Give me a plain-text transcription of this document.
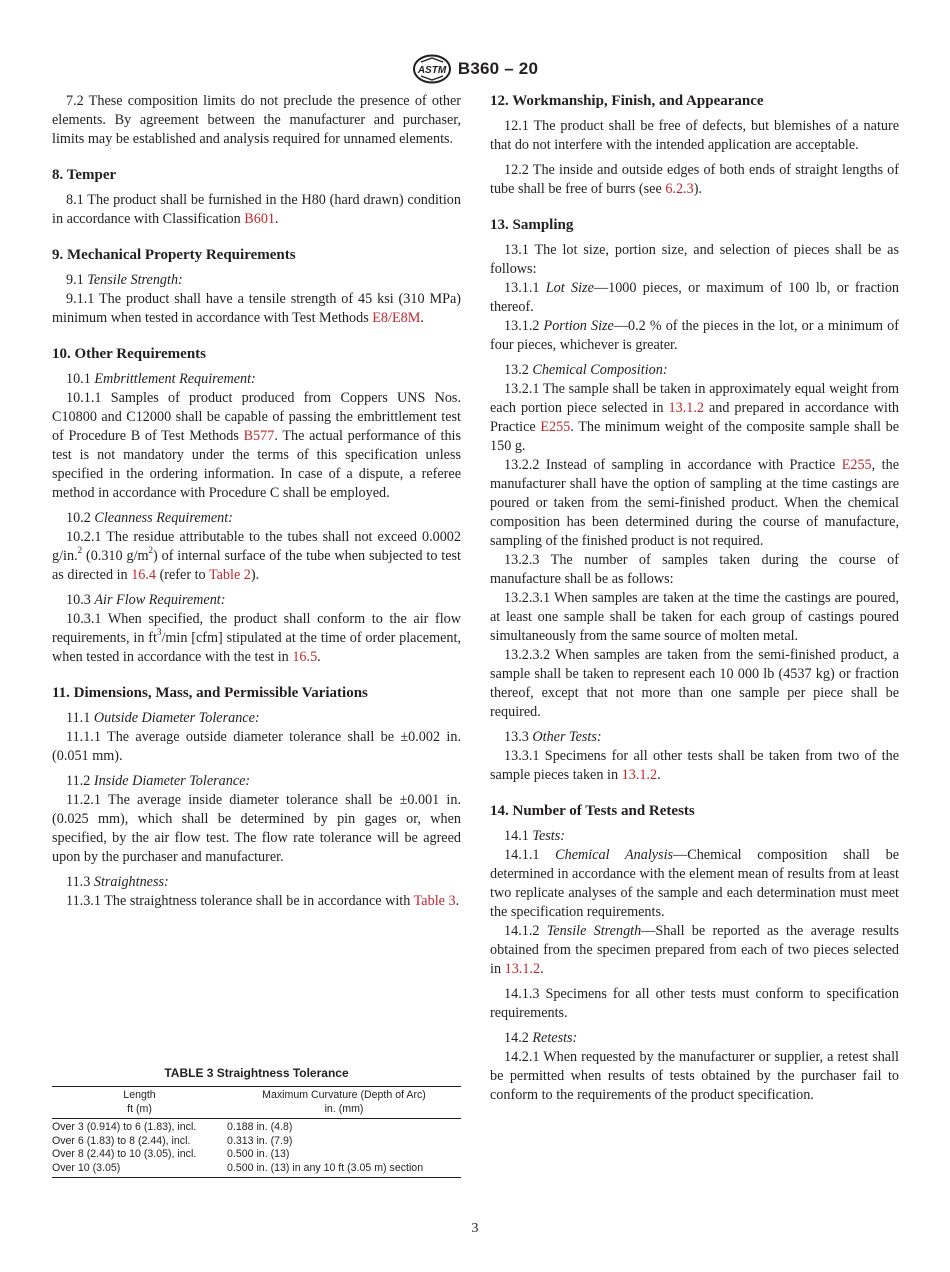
ASTM B360 – 20

7.2 These composition limits do not preclude the presence of other elements. By agreement between the manufacturer and purchaser, limits may be established and analysis required for unnamed elements.

8. Temper

8.1 The product shall be furnished in the H80 (hard drawn) condition in accordance with Classification B601.

9. Mechanical Property Requirements

9.1 Tensile Strength:

9.1.1 The product shall have a tensile strength of 45 ksi (310 MPa) minimum when tested in accordance with Test Methods E8/E8M.

10. Other Requirements

10.1 Embrittlement Requirement:

10.1.1 Samples of product produced from Coppers UNS Nos. C10800 and C12000 shall be capable of passing the embrittlement test of Procedure B of Test Methods B577. The actual performance of this test is not mandatory under the terms of this specification unless specified in the ordering information. In case of a dispute, a referee method in accordance with Procedure C shall be employed.

10.2 Cleanness Requirement:

10.2.1 The residue attributable to the tubes shall not exceed 0.0002 g/in.$^2$ (0.310 $g/m^2$) of internal surface of the tube when subjected to test as directed in 16.4 (refer to Table 2).

10.3 Air Flow Requirement:

10.3.1 When specified, the product shall conform to the air flow requirements, in $ft^3/\min$ [cfm] stipulated at the time of order placement, when tested in accordance with the test in 16.5.

11. Dimensions, Mass, and Permissible Variations

11.1 Outside Diameter Tolerance:

11.1.1 The average outside diameter tolerance shall be ±0.002 in. (0.051 mm).

11.2 Inside Diameter Tolerance:

11.2.1 The average inside diameter tolerance shall be ±0.001 in. (0.025 mm), which shall be determined by pin gages or, when specified, by the air flow test. The flow rate tolerance will be agreed upon by the purchaser and manufacturer.

11.3 Straightness:

11.3.1 The straightness tolerance shall be in accordance with Table 3.

TABLE 3 Straightness Tolerance
Length
ft (m)	Maximum Curvature (Depth of Arc)
in. (mm)
Over 3 (0.914) to 6 (1.83), incl.	0.188 in. (4.8)
Over 6 (1.83) to 8 (2.44), incl.	0.313 in. (7.9)
Over 8 (2.44) to 10 (3.05), incl.	0.500 in. (13)
Over 10 (3.05)	0.500 in. (13) in any 10 ft (3.05 m) section
12. Workmanship, Finish, and Appearance

12.1 The product shall be free of defects, but blemishes of a nature that do not interfere with the intended application are acceptable.

12.2 The inside and outside edges of both ends of straight lengths of tube shall be free of burrs (see 6.2.3).

13. Sampling

13.1 The lot size, portion size, and selection of pieces shall be as follows:

13.1.1 Lot Size—1000 pieces, or maximum of 100 lb, or fraction thereof.

13.1.2 Portion Size—0.2 % of the pieces in the lot, or a minimum of four pieces, whichever is greater.

13.2 Chemical Composition:

13.2.1 The sample shall be taken in approximately equal weight from each portion piece selected in 13.1.2 and prepared in accordance with Practice E255. The minimum weight of the composite sample shall be 150 g.

13.2.2 Instead of sampling in accordance with Practice E255, the manufacturer shall have the option of sampling at the time castings are poured or taken from the semi-finished product. When the chemical composition has been determined during the course of manufacture, sampling of the finished product is not required.

13.2.3 The number of samples taken during the course of manufacture shall be as follows:

13.2.3.1 When samples are taken at the time the castings are poured, at least one sample shall be taken for each group of castings poured simultaneously from the same source of molten metal.

13.2.3.2 When samples are taken from the semi-finished product, a sample shall be taken to represent each 10 000 lb (4537 kg) or fraction thereof, except that not more than one sample per piece shall be required.

13.3 Other Tests:

13.3.1 Specimens for all other tests shall be taken from two of the sample pieces taken in 13.1.2.

14. Number of Tests and Retests

14.1 Tests:

14.1.1 Chemical Analysis—Chemical composition shall be determined in accordance with the element mean of results from at least two replicate analyses of the sample and each determination must meet the specification requirements.

14.1.2 Tensile Strength—Shall be reported as the average results obtained from the specimen prepared from each of two pieces selected in 13.1.2.

14.1.3 Specimens for all other tests must conform to specification requirements.

14.2 Retests:

14.2.1 When requested by the manufacturer or supplier, a retest shall be permitted when results of tests obtained by the purchaser fail to conform to the requirements of the product specification.

3
